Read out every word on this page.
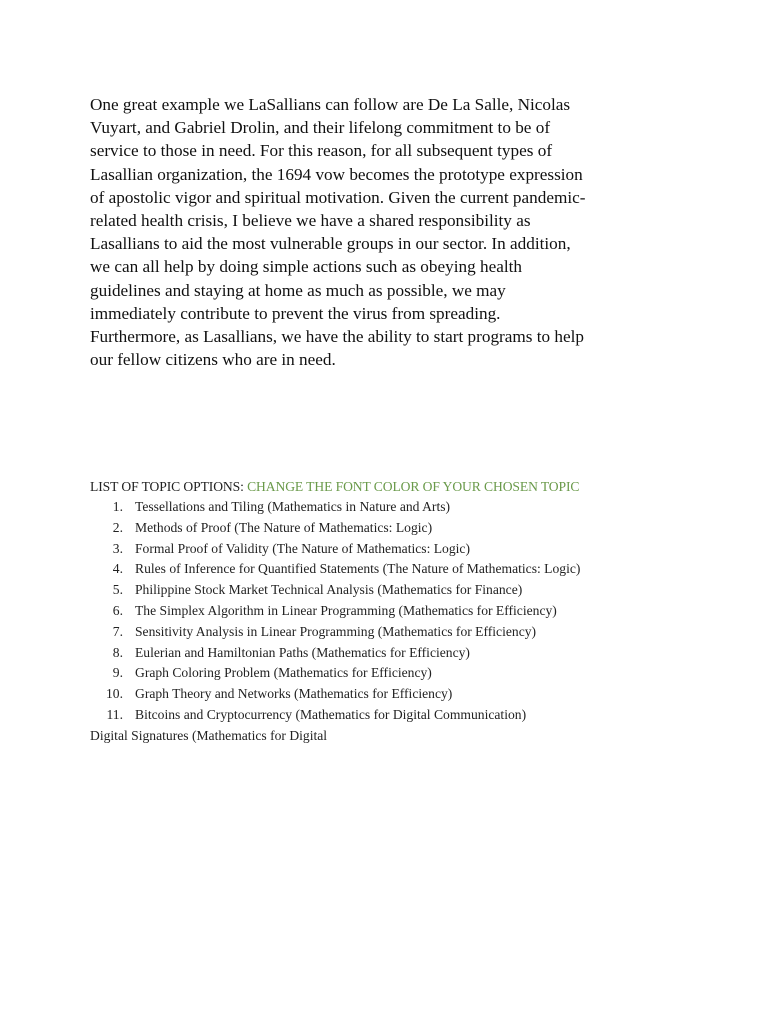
One great example we LaSallians can follow are De La Salle, Nicolas
Vuyart, and Gabriel Drolin, and their lifelong commitment to be of
service to those in need. For this reason, for all subsequent types of
Lasallian organization, the 1694 vow becomes the prototype expression
of apostolic vigor and spiritual motivation. Given the current pandemic-
related health crisis, I believe we have a shared responsibility as
Lasallians to aid the most vulnerable groups in our sector. In addition,
we can all help by doing simple actions such as obeying health
guidelines and staying at home as much as possible, we may
immediately contribute to prevent the virus from spreading.
Furthermore, as Lasallians, we have the ability to start programs to help
our fellow citizens who are in need.
LIST OF TOPIC OPTIONS: CHANGE THE FONT COLOR OF YOUR CHOSEN TOPIC
1. Tessellations and Tiling (Mathematics in Nature and Arts)
2. Methods of Proof (The Nature of Mathematics: Logic)
3. Formal Proof of Validity (The Nature of Mathematics: Logic)
4. Rules of Inference for Quantified Statements (The Nature of Mathematics: Logic)
5. Philippine Stock Market Technical Analysis (Mathematics for Finance)
6. The Simplex Algorithm in Linear Programming (Mathematics for Efficiency)
7. Sensitivity Analysis in Linear Programming (Mathematics for Efficiency)
8. Eulerian and Hamiltonian Paths (Mathematics for Efficiency)
9. Graph Coloring Problem (Mathematics for Efficiency)
10. Graph Theory and Networks (Mathematics for Efficiency)
11. Bitcoins and Cryptocurrency (Mathematics for Digital Communication)
Digital Signatures (Mathematics for Digital
